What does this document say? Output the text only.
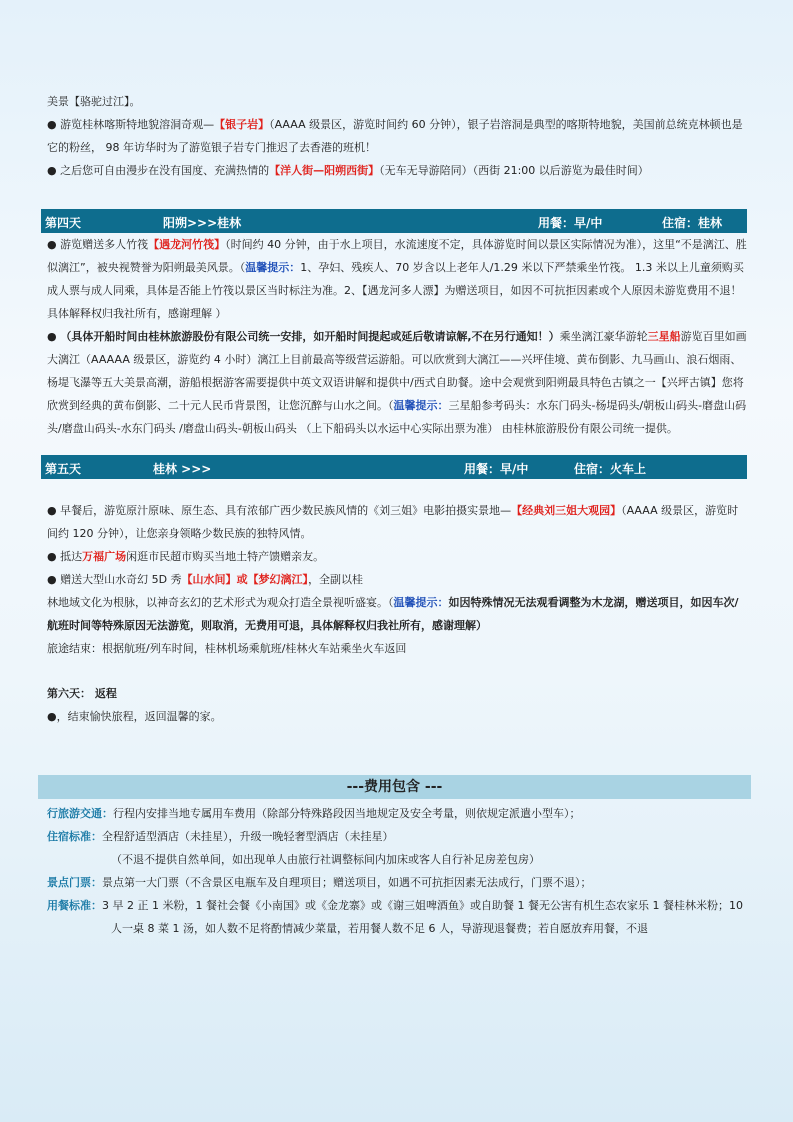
美景【骆驼过江】。

● 游览桂林喀斯特地貌溶洞奇观—【银子岩】（AAAA 级景区，游览时间约 60 分钟），银子岩溶洞是典型的喀斯特地貌，美国前总统克林顿也是它的粉丝， 98 年访华时为了游览银子岩专门推迟了去香港的班机！

● 之后您可自由漫步在没有国度、充满热情的【洋人街—阳朔西街】（无车无导游陪同）（西街 21:00 以后游览为最佳时间）

第四天	阳朔>>>桂林	用餐：早/中	住宿：桂林

● 游览赠送多人竹筏【遇龙河竹筏】（时间约 40 分钟，由于水上项目，水流速度不定，具体游览时间以景区实际情况为准），这里“不是漓江、胜似漓江”，被央视赞誉为阳朔最美风景。（温馨提示：1、孕妇、残疾人、70 岁含以上老年人/1.29 米以下严禁乘坐竹筏。 1.3 米以上儿童须购买成人票与成人同乘，具体是否能上竹筏以景区当时标注为准。2、【遇龙河多人漂】为赠送项目，如因不可抗拒因素或个人原因未游览费用不退！具体解释权归我社所有，感谢理解 ）

● （具体开船时间由桂林旅游股份有限公司统一安排，如开船时间提起或延后敬请谅解,不在另行通知！）乘坐漓江豪华游轮三星船游览百里如画大漓江（AAAAA 级景区，游览约 4 小时）漓江上目前最高等级营运游船。可以欣赏到大漓江——兴坪佳境、黄布倒影、九马画山、浪石烟雨、杨堤飞瀑等五大美景高潮，游船根据游客需要提供中英文双语讲解和提供中/西式自助餐。途中会观赏到阳朔最具特色古镇之一【兴坪古镇】您将欣赏到经典的黄布倒影、二十元人民币背景图，让您沉醉与山水之间。（温馨提示：三星船参考码头：水东门码头-杨堤码头/朝板山码头-磨盘山码头/磨盘山码头-水东门码头 /磨盘山码头-朝板山码头 （上下船码头以水运中心实际出票为准） 由桂林旅游股份有限公司统一提供。

第五天	桂林 >>>	用餐：早/中	住宿：火车上

● 早餐后，游览原汁原味、原生态、具有浓郁广西少数民族风情的《刘三姐》电影拍摄实景地—【经典刘三姐大观园】（AAAA 级景区，游览时间约 120 分钟），让您亲身领略少数民族的独特风情。

● 抵达万福广场闲逛市民超市购买当地土特产馈赠亲友。

● 赠送大型山水奇幻 5D 秀【山水间】或【梦幻漓江】，全副以桂

林地域文化为根脉，以神奇玄幻的艺术形式为观众打造全景视听盛宴。（温馨提示：如因特殊情况无法观看调整为木龙湖，赠送项目，如因车次/航班时间等特殊原因无法游览，则取消，无费用可退，具体解释权归我社所有，感谢理解）

旅途结束：根据航班/列车时间，桂林机场乘航班/桂林火车站乘坐火车返回

第六天： 返程

●，结束愉快旅程，返回温馨的家。

---费用包含 ---

行旅游交通：行程内安排当地专属用车费用（除部分特殊路段因当地规定及安全考量，则依规定派遣小型车）；

住宿标准：全程舒适型酒店（未挂星），升级一晚轻奢型酒店（未挂星）

（不退不提供自然单间，如出现单人由旅行社调整标间内加床或客人自行补足房差包房）

景点门票：景点第一大门票（不含景区电瓶车及自理项目；赠送项目，如遇不可抗拒因素无法成行，门票不退）；

用餐标准：3 早 2 正 1 米粉，1 餐社会餐《小南国》或《金龙寨》或《谢三姐啤酒鱼》或自助餐 1 餐无公害有机生态农家乐 1 餐桂林米粉；10 人一桌 8 菜 1 汤，如人数不足将酌情减少菜量，若用餐人数不足 6 人，导游现退餐费；若自愿放弃用餐，不退
